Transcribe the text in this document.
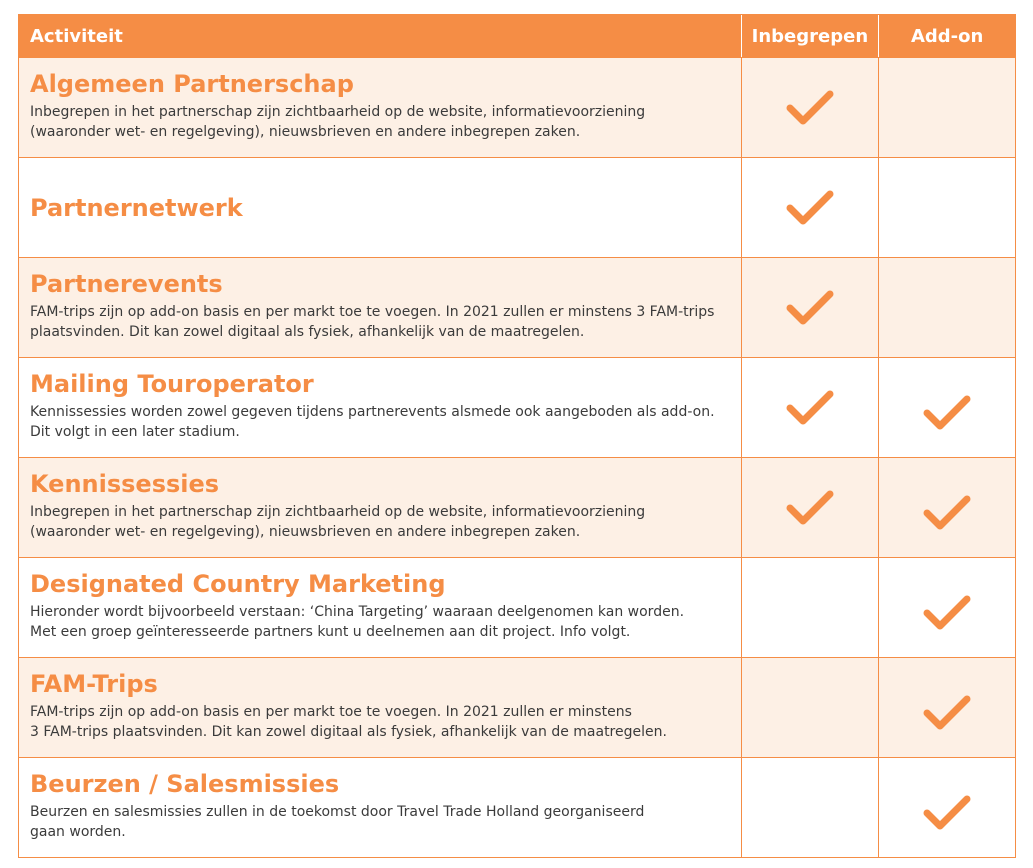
Activiteit	Inbegrepen	Add-on
Algemeen Partnerschap
Inbegrepen in het partnerschap zijn zichtbaarheid op de website, informatievoorziening
(waaronder wet- en regelgeving), nieuwsbrieven en andere inbegrepen zaken.
Partnernetwerk
Partnerevents
FAM-trips zijn op add-on basis en per markt toe te voegen. In 2021 zullen er minstens 3 FAM-trips
plaatsvinden. Dit kan zowel digitaal als fysiek, afhankelijk van de maatregelen.
Mailing Touroperator
Kennissessies worden zowel gegeven tijdens partnerevents alsmede ook aangeboden als add-on.
Dit volgt in een later stadium.
Kennissessies
Inbegrepen in het partnerschap zijn zichtbaarheid op de website, informatievoorziening
(waaronder wet- en regelgeving), nieuwsbrieven en andere inbegrepen zaken.
Designated Country Marketing
Hieronder wordt bijvoorbeeld verstaan: ‘China Targeting’ waaraan deelgenomen kan worden.
Met een groep geïnteresseerde partners kunt u deelnemen aan dit project. Info volgt.
FAM-Trips
FAM-trips zijn op add-on basis en per markt toe te voegen. In 2021 zullen er minstens
3 FAM-trips plaatsvinden. Dit kan zowel digitaal als fysiek, afhankelijk van de maatregelen.
Beurzen / Salesmissies
Beurzen en salesmissies zullen in de toekomst door Travel Trade Holland georganiseerd
gaan worden.
